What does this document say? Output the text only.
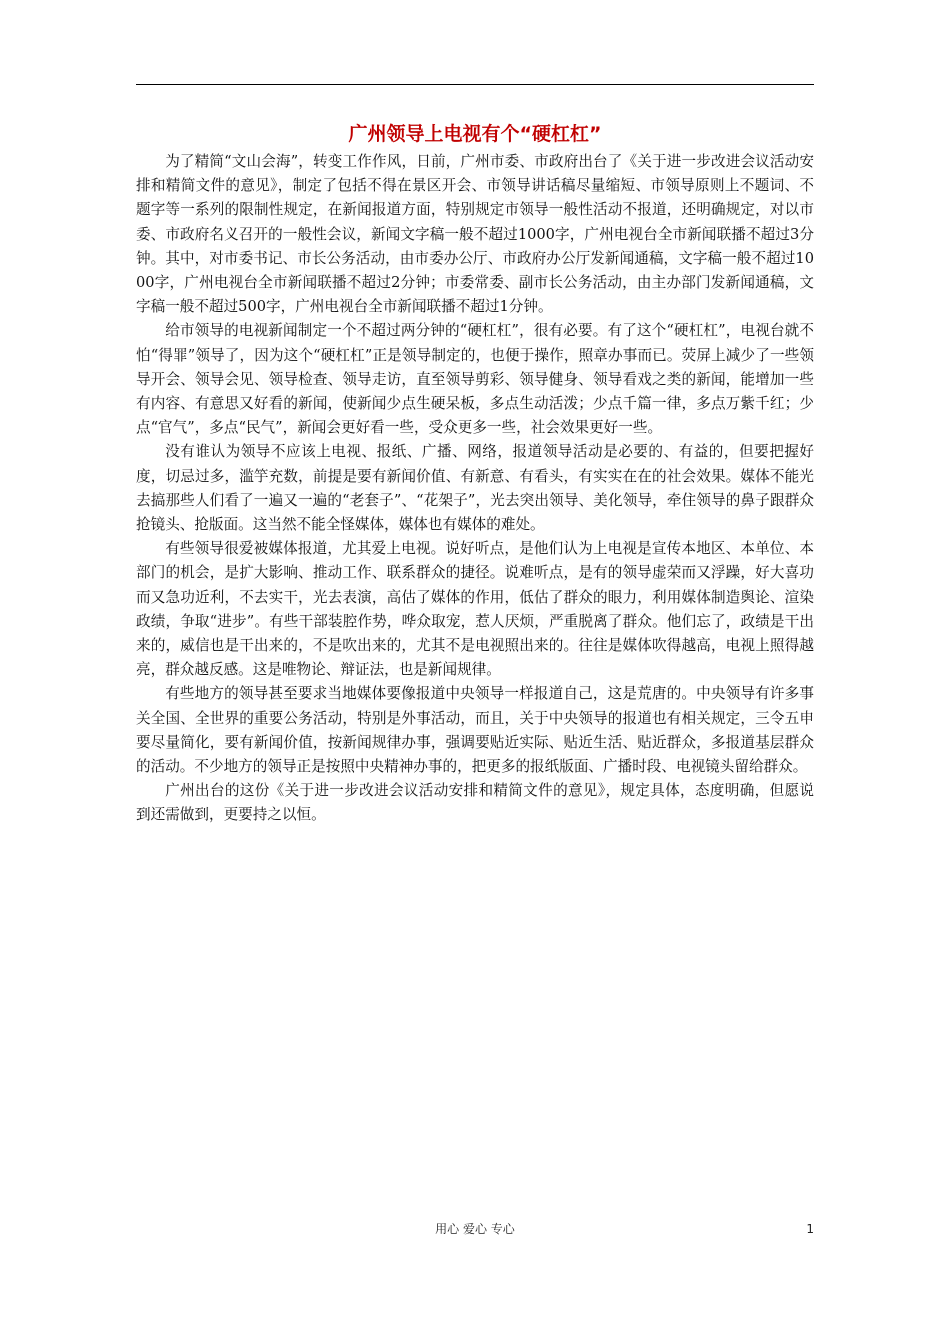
广州领导上电视有个“硬杠杠”

为了精简“文山会海”，转变工作作风，日前，广州市委、市政府出台了《关于进一步改进会议活动安排和精简文件的意见》，制定了包括不得在景区开会、市领导讲话稿尽量缩短、市领导原则上不题词、不题字等一系列的限制性规定，在新闻报道方面，特别规定市领导一般性活动不报道，还明确规定，对以市委、市政府名义召开的一般性会议，新闻文字稿一般不超过1000字，广州电视台全市新闻联播不超过3分钟。其中，对市委书记、市长公务活动，由市委办公厅、市政府办公厅发新闻通稿，文字稿一般不超过1000字，广州电视台全市新闻联播不超过2分钟；市委常委、副市长公务活动，由主办部门发新闻通稿，文字稿一般不超过500字，广州电视台全市新闻联播不超过1分钟。

给市领导的电视新闻制定一个不超过两分钟的“硬杠杠”，很有必要。有了这个“硬杠杠”，电视台就不怕“得罪”领导了，因为这个“硬杠杠”正是领导制定的，也便于操作，照章办事而已。荧屏上减少了一些领导开会、领导会见、领导检查、领导走访，直至领导剪彩、领导健身、领导看戏之类的新闻，能增加一些有内容、有意思又好看的新闻，使新闻少点生硬呆板，多点生动活泼；少点千篇一律，多点万紫千红；少点“官气”，多点“民气”，新闻会更好看一些，受众更多一些，社会效果更好一些。

没有谁认为领导不应该上电视、报纸、广播、网络，报道领导活动是必要的、有益的，但要把握好度，切忌过多，滥竽充数，前提是要有新闻价值、有新意、有看头，有实实在在的社会效果。媒体不能光去搞那些人们看了一遍又一遍的“老套子”、“花架子”，光去突出领导、美化领导，牵住领导的鼻子跟群众抢镜头、抢版面。这当然不能全怪媒体，媒体也有媒体的难处。

有些领导很爱被媒体报道，尤其爱上电视。说好听点，是他们认为上电视是宣传本地区、本单位、本部门的机会，是扩大影响、推动工作、联系群众的捷径。说难听点，是有的领导虚荣而又浮躁，好大喜功而又急功近利，不去实干，光去表演，高估了媒体的作用，低估了群众的眼力，利用媒体制造舆论、渲染政绩，争取“进步”。有些干部装腔作势，哗众取宠，惹人厌烦，严重脱离了群众。他们忘了，政绩是干出来的，威信也是干出来的，不是吹出来的，尤其不是电视照出来的。往往是媒体吹得越高，电视上照得越亮，群众越反感。这是唯物论、辩证法，也是新闻规律。

有些地方的领导甚至要求当地媒体要像报道中央领导一样报道自己，这是荒唐的。中央领导有许多事关全国、全世界的重要公务活动，特别是外事活动，而且，关于中央领导的报道也有相关规定，三令五申要尽量简化，要有新闻价值，按新闻规律办事，强调要贴近实际、贴近生活、贴近群众，多报道基层群众的活动。不少地方的领导正是按照中央精神办事的，把更多的报纸版面、广播时段、电视镜头留给群众。

广州出台的这份《关于进一步改进会议活动安排和精简文件的意见》，规定具体，态度明确，但愿说到还需做到，更要持之以恒。

用心 爱心 专心	1
